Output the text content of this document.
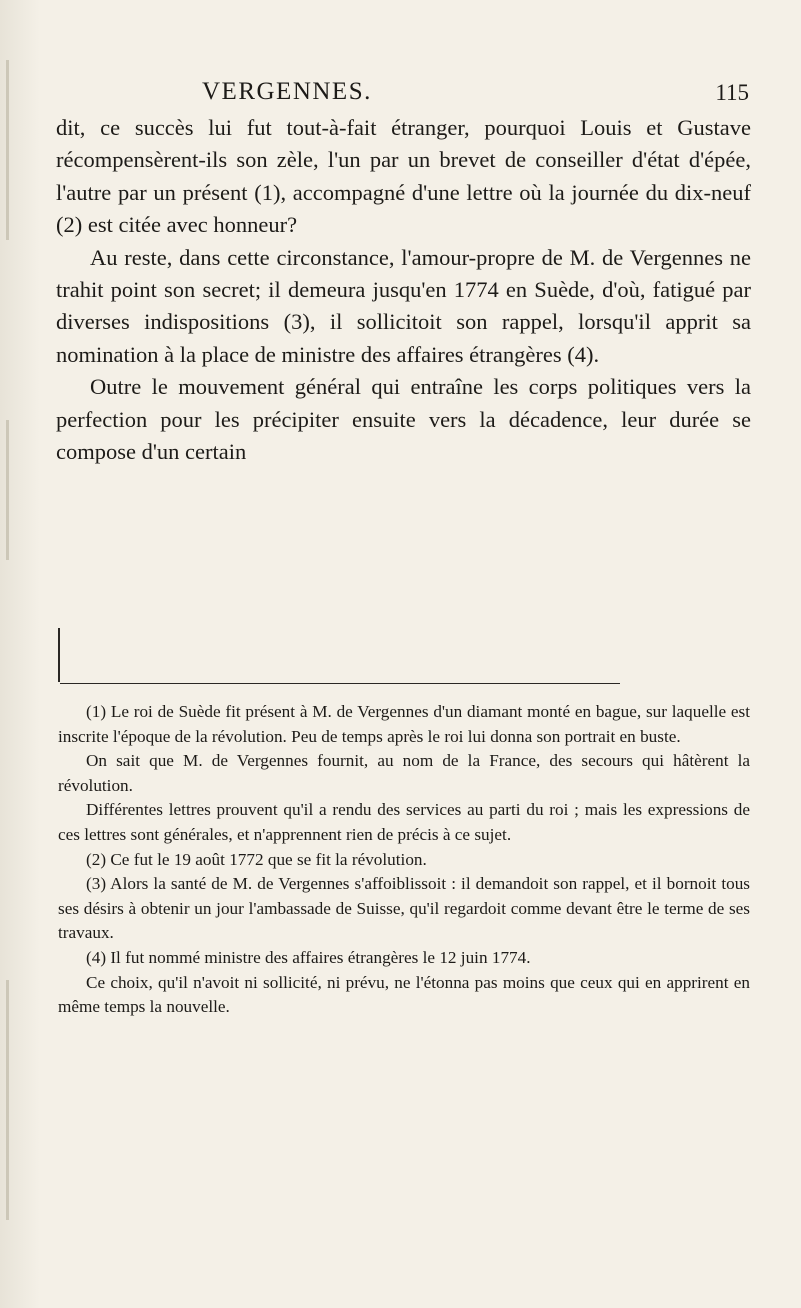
VERGENNES.	115

dit, ce succès lui fut tout-à-fait étranger, pourquoi Louis et Gustave récompensèrent-ils son zèle, l'un par un brevet de conseiller d'état d'épée, l'autre par un présent (1), accompagné d'une lettre où la journée du dix-neuf (2) est citée avec honneur?

Au reste, dans cette circonstance, l'amour-propre de M. de Vergennes ne trahit point son secret; il demeura jusqu'en 1774 en Suède, d'où, fatigué par diverses indispositions (3), il sollicitoit son rappel, lorsqu'il apprit sa nomination à la place de ministre des affaires étrangères (4).

Outre le mouvement général qui entraîne les corps politiques vers la perfection pour les précipiter ensuite vers la décadence, leur durée se compose d'un certain

(1) Le roi de Suède fit présent à M. de Vergennes d'un diamant monté en bague, sur laquelle est inscrite l'époque de la révolution. Peu de temps après le roi lui donna son portrait en buste.

On sait que M. de Vergennes fournit, au nom de la France, des secours qui hâtèrent la révolution.

Différentes lettres prouvent qu'il a rendu des services au parti du roi ; mais les expressions de ces lettres sont générales, et n'apprennent rien de précis à ce sujet.

(2) Ce fut le 19 août 1772 que se fit la révolution.

(3) Alors la santé de M. de Vergennes s'affoiblissoit : il demandoit son rappel, et il bornoit tous ses désirs à obtenir un jour l'ambassade de Suisse, qu'il regardoit comme devant être le terme de ses travaux.

(4) Il fut nommé ministre des affaires étrangères le 12 juin 1774.

Ce choix, qu'il n'avoit ni sollicité, ni prévu, ne l'étonna pas moins que ceux qui en apprirent en même temps la nouvelle.
